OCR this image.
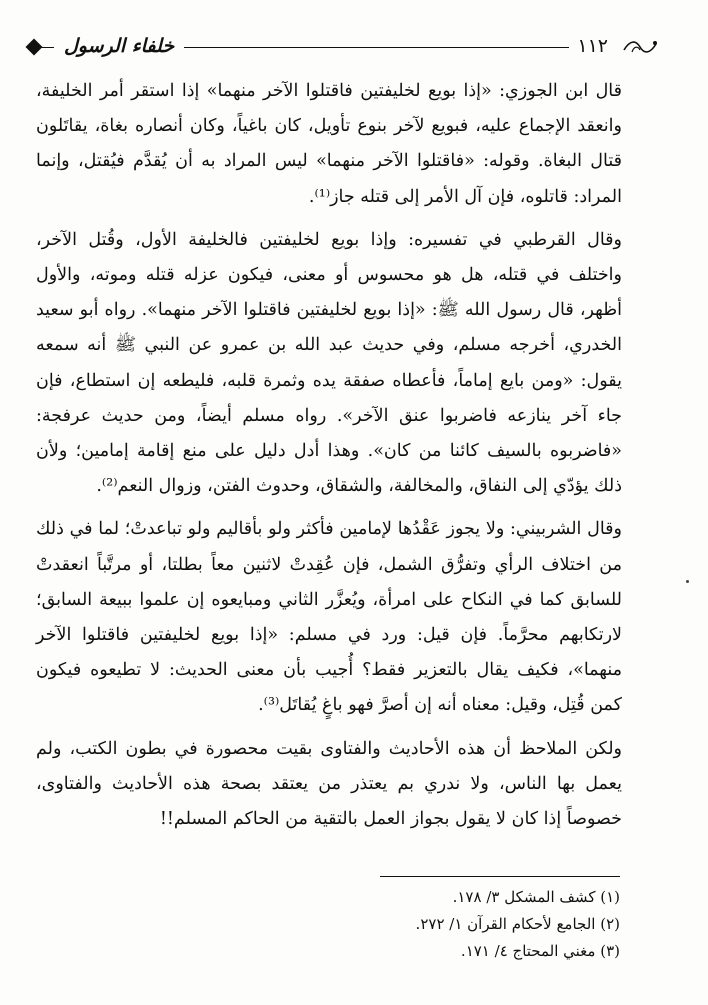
خلفاء الرسول	١١٢

قال ابن الجوزي: «إذا بويع لخليفتين فاقتلوا الآخر منهما» إذا استقر أمر الخليفة، وانعقد الإجماع عليه، فبويع لآخر بنوع تأويل، كان باغياً، وكان أنصاره بغاة، يقاتَلون قتال البغاة. وقوله: «فاقتلوا الآخر منهما» ليس المراد به أن يُقدَّم فيُقتل، وإنما المراد: قاتلوه، فإن آل الأمر إلى قتله جاز⁽¹⁾.

وقال القرطبي في تفسيره: وإذا بويع لخليفتين فالخليفة الأول، وقُتل الآخر، واختلف في قتله، هل هو محسوس أو معنى، فيكون عزله قتله وموته، والأول أظهر، قال رسول الله ﷺ: «إذا بويع لخليفتين فاقتلوا الآخر منهما». رواه أبو سعيد الخدري، أخرجه مسلم، وفي حديث عبد الله بن عمرو عن النبي ﷺ أنه سمعه يقول: «ومن بايع إماماً، فأعطاه صفقة يده وثمرة قلبه، فليطعه إن استطاع، فإن جاء آخر ينازعه فاضربوا عنق الآخر». رواه مسلم أيضاً، ومن حديث عرفجة: «فاضربوه بالسيف كائنا من كان». وهذا أدل دليل على منع إقامة إمامين؛ ولأن ذلك يؤدّي إلى النفاق، والمخالفة، والشقاق، وحدوث الفتن، وزوال النعم⁽²⁾.

وقال الشربيني: ولا يجوز عَقْدُها لإمامين فأكثر ولو بأقاليم ولو تباعدتْ؛ لما في ذلك من اختلاف الرأي وتفرُّق الشمل، فإن عُقِدتْ لاثنين معاً بطلتا، أو مرتَّباً انعقدتْ للسابق كما في النكاح على امرأة، ويُعزَّر الثاني ومبايعوه إن علموا ببيعة السابق؛ لارتكابهم محرَّماً. فإن قيل: ورد في مسلم: «إذا بويع لخليفتين فاقتلوا الآخر منهما»، فكيف يقال بالتعزير فقط؟ أُجيب بأن معنى الحديث: لا تطيعوه فيكون كمن قُتِل، وقيل: معناه أنه إن أصرَّ فهو باغٍ يُقاتَل⁽³⁾.

ولكن الملاحظ أن هذه الأحاديث والفتاوى بقيت محصورة في بطون الكتب، ولم يعمل بها الناس، ولا ندري بم يعتذر من يعتقد بصحة هذه الأحاديث والفتاوى، خصوصاً إذا كان لا يقول بجواز العمل بالتقية من الحاكم المسلم!!

(١) كشف المشكل ٣/ ١٧٨.
(٢) الجامع لأحكام القرآن ١/ ٢٧٢.
(٣) مغني المحتاج ٤/ ١٧١.
